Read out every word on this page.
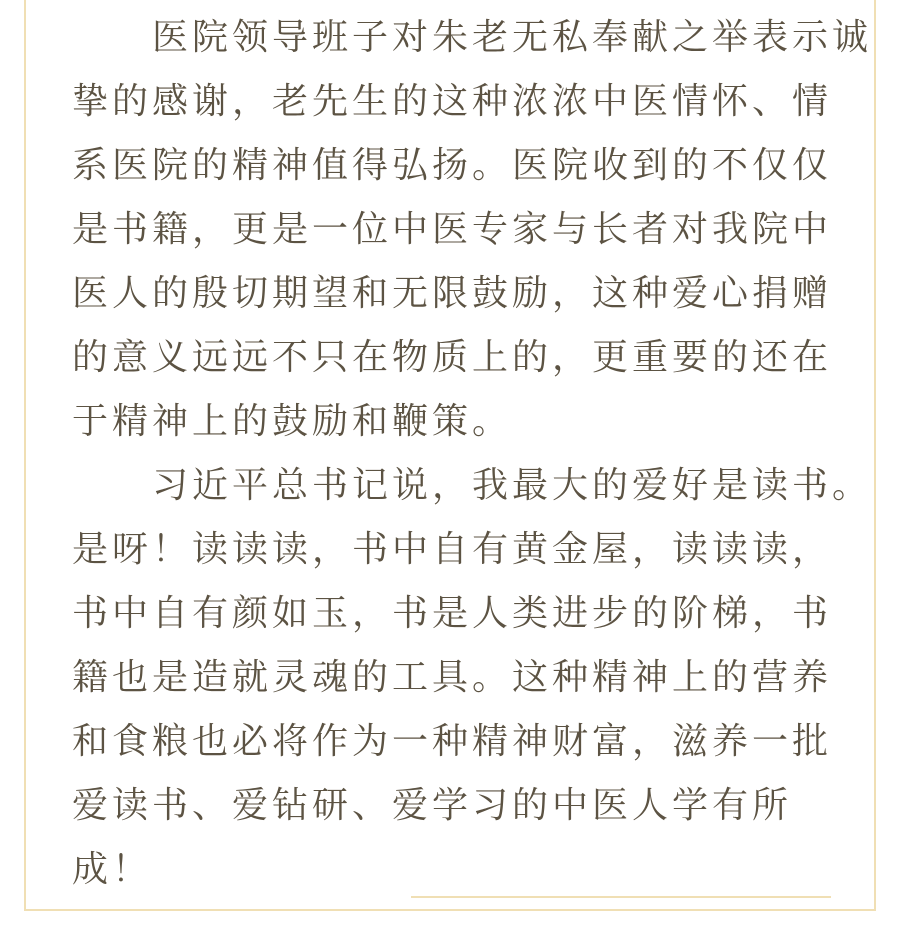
　　医院领导班子对朱老无私奉献之举表示诚
挚的感谢，老先生的这种浓浓中医情怀、情
系医院的精神值得弘扬。医院收到的不仅仅
是书籍，更是一位中医专家与长者对我院中
医人的殷切期望和无限鼓励，这种爱心捐赠
的意义远远不只在物质上的，更重要的还在
于精神上的鼓励和鞭策。
　　习近平总书记说，我最大的爱好是读书。
是呀！读读读，书中自有黄金屋，读读读，
书中自有颜如玉，书是人类进步的阶梯，书
籍也是造就灵魂的工具。这种精神上的营养
和食粮也必将作为一种精神财富，滋养一批
爱读书、爱钻研、爱学习的中医人学有所
成！
